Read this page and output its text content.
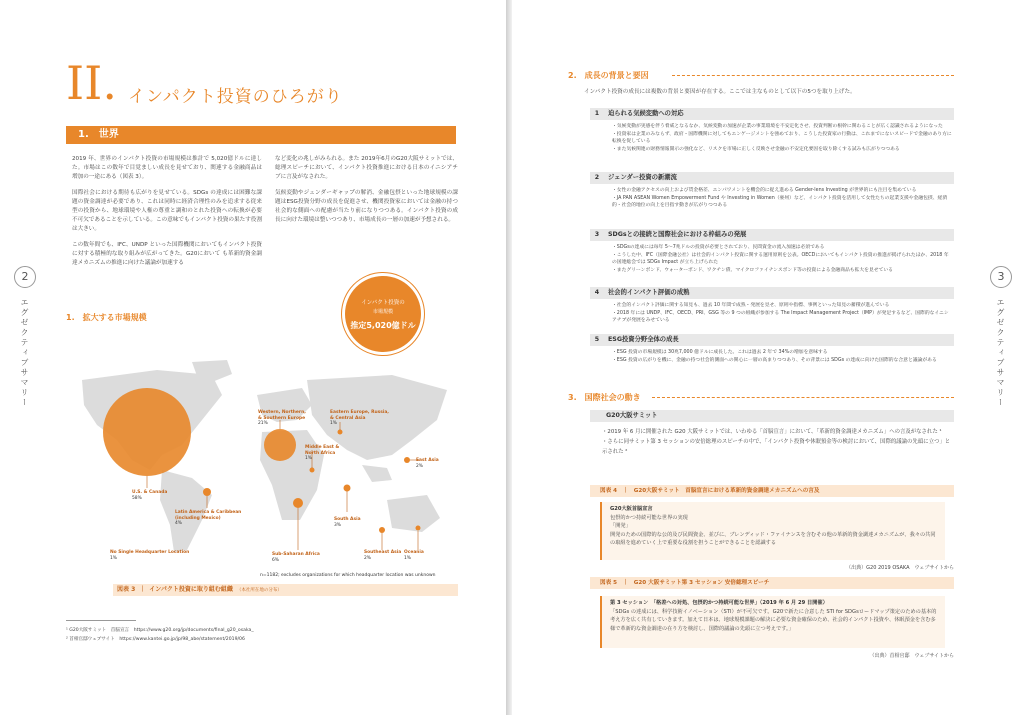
2
エグゼクティブサマリー
II. インパクト投資のひろがり
1.　世界

2019 年、世界のインパクト投資の市場規模は推計で 5,020億ドルに達した。市場はこの数年で目覚ましい成長を見せており、関連する金融商品は増加の一途にある（図表 3）。

国際社会における期待も広がりを見せている。SDGs の達成には困難な課題の資金調達が必要であり、これは同時に経済合理性のみを追求する従来型の投資から、地球環境や人権の尊重と調和のとれた投資への転換が必要不可欠であることを示している。この意味でもインパクト投資の果たす役割は大きい。

この数年間でも、IFC、UNDP といった国際機関においてもインパクト投資に対する積極的な取り組みが広がってきた。G20において も革新的資金調達メカニズムの推進に向けた議論が加速する

など変化の兆しがみられる。また 2019年6月のG20大阪サミットでは、総理スピーチにおいて、インパクト投資推進における日本のイニシアチブに言及がなされた。

気候変動やジェンダーギャップの解消、金融包摂といった地球規模の課題はESG投資分野の成長を促進させ、機関投資家においては金融の持つ社会的な側面への配慮が当たり前になりつつある。インパクト投資の成長に向けた環境は整いつつあり、市場成長の一層の加速が予想される。

1.　拡大する市場規模
インパクト投資の
市場規模
推定5,020億ドル
U.S. & Canada
58%
Latin America & Caribbean
(including Mexico)
4%
Western, Northern,
& Southern Europe
21%
Eastern Europe, Russia,
& Central Asia
1%
Middle East &
North Africa
1%	East Asia
2%
South Asia
3%
Sub-Saharan Africa
6%
Southeast Asia
2%
Oceania
1%
No Single Headquarter Location
1%
n=1182; excludes organizations for which headquarter location was unknown
図表 3 ｜ インパクト投資に取り組む組織 （本社所在地の分布）
¹ G20大阪サミット　首脳宣言　https://www.g20.org/jp/documents/final_g20_osaka_
² 首相官邸ウェブサイト　https://www.kantei.go.jp/jp/98_abe/statement/2019/06
3
エグゼクティブサマリー
2.　成長の背景と要因
インパクト投資の成長には複数の背景と要因が存在する。ここでは主なものとして以下の5つを取り上げた。
1 迫られる気候変動への対応
・気候変動が実感を伴う脅威となるなか、気候変動の加速が企業の事業環境を不安定化させ、投資判断の根幹に関わることが広く認識されるようになった
・投資家は企業のみならず、政府・国際機関に対してもエンゲージメントを強めており、こうした投資家の行動は、これまでにないスピードで金融のあり方に転換を促している
・また気候関連の財務情報開示の強化など、リスクを市場に正しく反映させ金融の不安定化要因を取り除くする試みも広がりつつある
2 ジェンダー投資の新潮流
・女性の金融アクセスの向上および賃金格差、エンパワメントを機会的に捉え進める Gender-lens Investing が世界的にも注目を集めている
・JA PAN ASEAN Women Empowerment Fund や Investing in Women（豪州）など、インパクト投資を活用して女性たちの起業支援や金融包摂、経済的・社会的地位の向上を目指す動きが広がりつつある
3 SDGsとの接続と国際社会における枠組みの発展
・SDGsの達成には毎年 5〜7兆ドルの投資が必要とされており、民間資金の流入加速は必須である
・こうした中、IFC（国際金融公社）は社会的インパクト投資に関する運用原則を公表。OECDにおいてもインパクト投資の推進が掲げられたほか、2018 年の国連総会では SDGs Impact が立ち上げられた
・またグリーンボンド、ウォーターボンド、ワクチン債、マイクロファイナンスボンド等の投資による金融商品も拡大を見せている
4 社会的インパクト評価の成熟
・社会的インパクト評価に関する知見も、過去 10 年間で成熟・発展を見せ、原則や指標、事例といった知見の蓄積が進んでいる
・2018 年には UNDP、IFC、OECD、PRI、GSG 等の 9 つの組織が参加する The Impact Management Project（IMP）が発足するなど、国際的なイニシアチブが発展をみせている
5 ESG投資分野全体の成長
・ESG 投資の市場規模は 30兆7,000 億ドルに成長した。これは過去 2 年で 34%の増加を意味する
・ESG 投資の広がりを機に、金融の持つ社会的側面への関心に一層の高まりつつあり、その背景には SDGs の達成に向けた国際的な合意と議論がある
3.　国際社会の動き
G20大阪サミット
・2019 年 6 月に開催された G20 大阪サミットでは、いわゆる「首脳宣言」において、「革新的資金調達メカニズム」への言及がなされた ¹
・さらに同サミット第 3 セッションの安倍総理のスピーチの中で、「インパクト投資や休眠預金等の検討において、国際的議論の先頭に立つ」と示された ²
図表 4　｜　G20大阪サミット　首脳宣言における革新的資金調達メカニズムへの言及
G20大阪首脳宣言
包摂的かつ持続可能な世界の実現
「開発」
開発のための国際的な公的及び民間資金、並びに、ブレンディッド・ファイナンスを含むその他の革新的資金調達メカニズムが、我々の共同の取組を進めていく上で重要な役割を担うことができることを認識する
（出典）G20 2019 OSAKA　ウェブサイトから
図表 5　｜　G20 大阪サミット第 3 セッション 安倍総理スピーチ
第 3 セッション　「格差への対処、包摂的かつ持続可能な世界」（2019 年 6 月 29 日開催）
「SDGs の達成には、科学技術イノベーション（STI）が不可欠です。G20で新たに合意した STI for SDGsロードマップ策定のための基本的考え方を広く共有していきます。加えて日本は、地球規模課題の解決に必要な資金確保のため、社会的インパクト投資や、休眠預金を含む多様で革新的な資金調達の在り方を検討し、国際的議論の先頭に立つ考えです。」
（出典）首相官邸　ウェブサイトから
